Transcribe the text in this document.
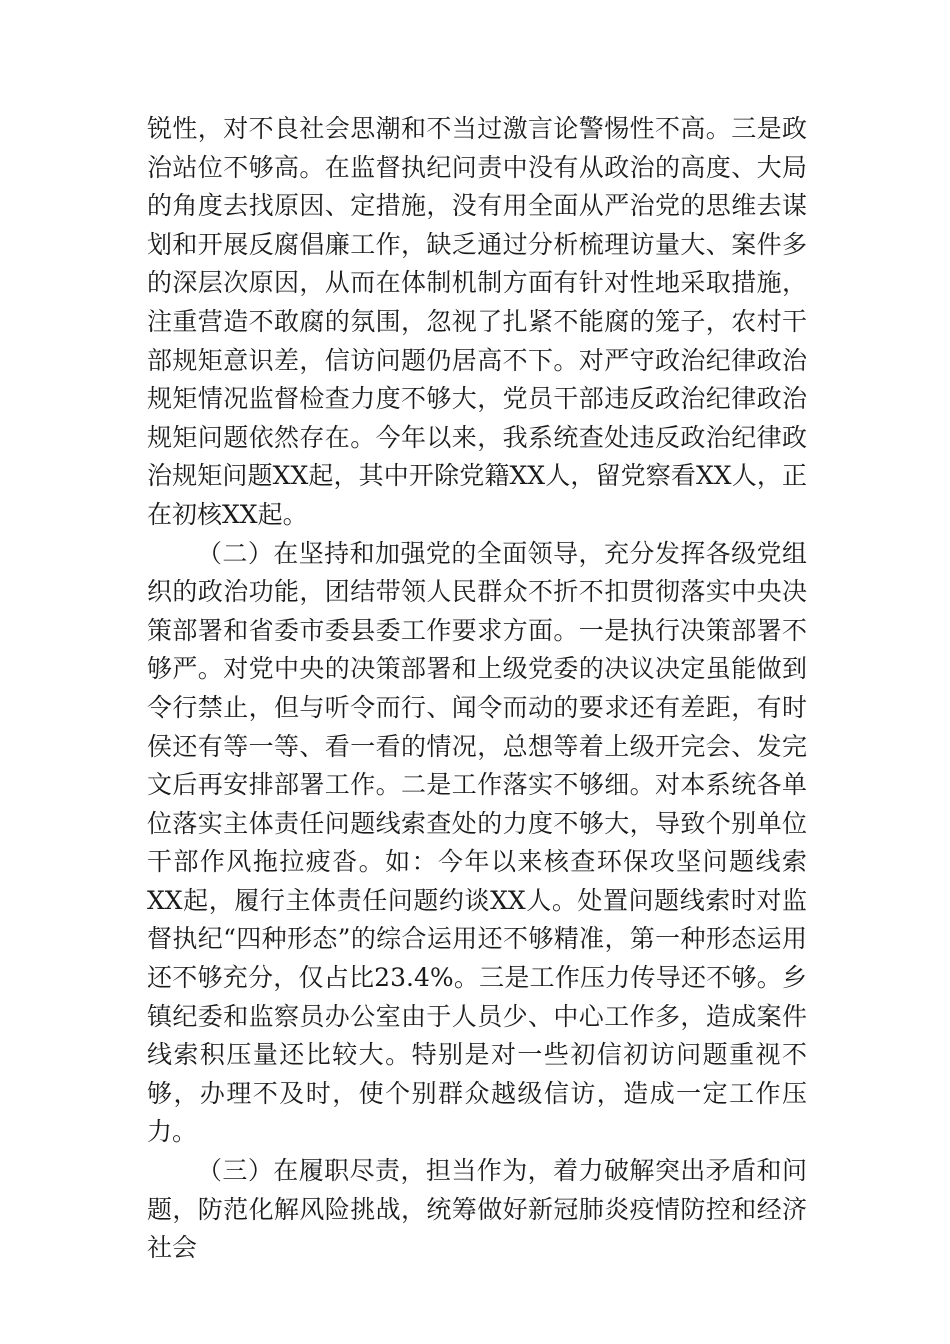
锐性，对不良社会思潮和不当过激言论警惕性不高。三是政治站位不够高。在监督执纪问责中没有从政治的高度、大局的角度去找原因、定措施，没有用全面从严治党的思维去谋划和开展反腐倡廉工作，缺乏通过分析梳理访量大、案件多的深层次原因，从而在体制机制方面有针对性地采取措施，注重营造不敢腐的氛围，忽视了扎紧不能腐的笼子，农村干部规矩意识差，信访问题仍居高不下。对严守政治纪律政治规矩情况监督检查力度不够大，党员干部违反政治纪律政治规矩问题依然存在。今年以来，我系统查处违反政治纪律政治规矩问题XX起，其中开除党籍XX人，留党察看XX人，正在初核XX起。

（二）在坚持和加强党的全面领导，充分发挥各级党组织的政治功能，团结带领人民群众不折不扣贯彻落实中央决策部署和省委市委县委工作要求方面。一是执行决策部署不够严。对党中央的决策部署和上级党委的决议决定虽能做到令行禁止，但与听令而行、闻令而动的要求还有差距，有时侯还有等一等、看一看的情况，总想等着上级开完会、发完文后再安排部署工作。二是工作落实不够细。对本系统各单位落实主体责任问题线索查处的力度不够大，导致个别单位干部作风拖拉疲沓。如：今年以来核查环保攻坚问题线索XX起，履行主体责任问题约谈XX人。处置问题线索时对监督执纪“四种形态”的综合运用还不够精准，第一种形态运用还不够充分，仅占比23.4%。三是工作压力传导还不够。乡镇纪委和监察员办公室由于人员少、中心工作多，造成案件线索积压量还比较大。特别是对一些初信初访问题重视不够，办理不及时，使个别群众越级信访，造成一定工作压力。

（三）在履职尽责，担当作为，着力破解突出矛盾和问题，防范化解风险挑战，统筹做好新冠肺炎疫情防控和经济社会
